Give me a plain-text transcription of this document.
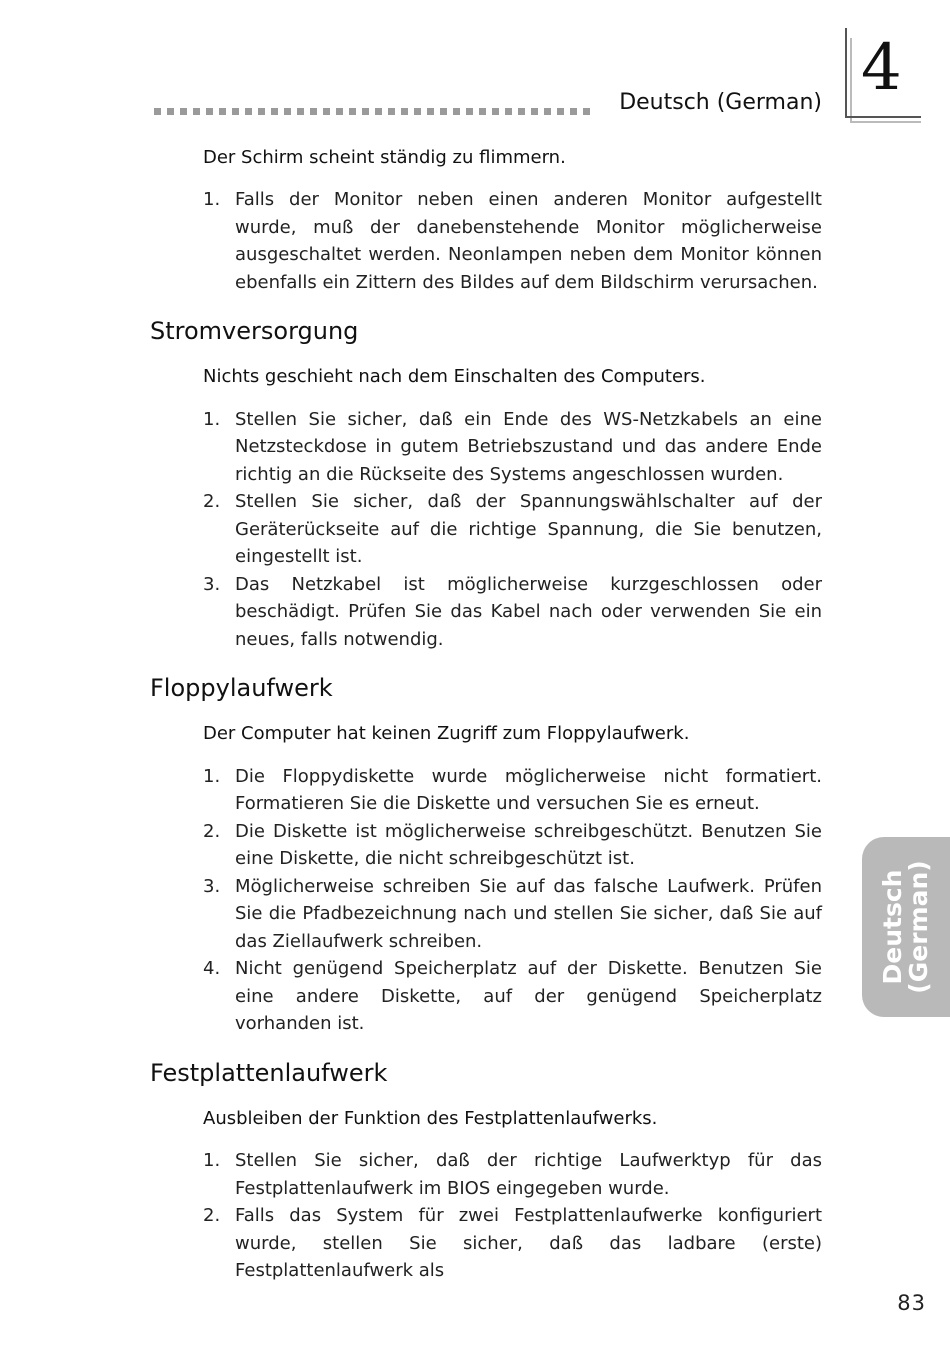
Deutsch (German) 4
Deutsch
(German)
Der Schirm scheint ständig zu flimmern.
1. Falls der Monitor neben einen anderen Monitor aufgestellt wurde, muß der danebenstehende Monitor möglicherweise ausgeschaltet werden. Neonlampen neben dem Monitor können ebenfalls ein Zittern des Bildes auf dem Bildschirm verursachen.
Stromversorgung
Nichts geschieht nach dem Einschalten des Computers.
1. Stellen Sie sicher, daß ein Ende des WS-Netzkabels an eine Netzsteckdose in gutem Betriebszustand und das andere Ende richtig an die Rückseite des Systems angeschlossen wurden.
2. Stellen Sie sicher, daß der Spannungswählschalter auf der Geräterückseite auf die richtige Spannung, die Sie benutzen, eingestellt ist.
3. Das Netzkabel ist möglicherweise kurzgeschlossen oder beschädigt. Prüfen Sie das Kabel nach oder verwenden Sie ein neues, falls notwendig.
Floppylaufwerk
Der Computer hat keinen Zugriff zum Floppylaufwerk.
1. Die Floppydiskette wurde möglicherweise nicht formatiert. Formatieren Sie die Diskette und versuchen Sie es erneut.
2. Die Diskette ist möglicherweise schreibgeschützt. Benutzen Sie eine Diskette, die nicht schreibgeschützt ist.
3. Möglicherweise schreiben Sie auf das falsche Laufwerk. Prüfen Sie die Pfadbezeichnung nach und stellen Sie sicher, daß Sie auf das Ziellaufwerk schreiben.
4. Nicht genügend Speicherplatz auf der Diskette. Benutzen Sie eine andere Diskette, auf der genügend Speicherplatz vorhanden ist.
Festplattenlaufwerk
Ausbleiben der Funktion des Festplattenlaufwerks.
1. Stellen Sie sicher, daß der richtige Laufwerktyp für das Festplattenlaufwerk im BIOS eingegeben wurde.
2. Falls das System für zwei Festplattenlaufwerke konfiguriert wurde, stellen Sie sicher, daß das ladbare (erste) Festplattenlaufwerk als
83
